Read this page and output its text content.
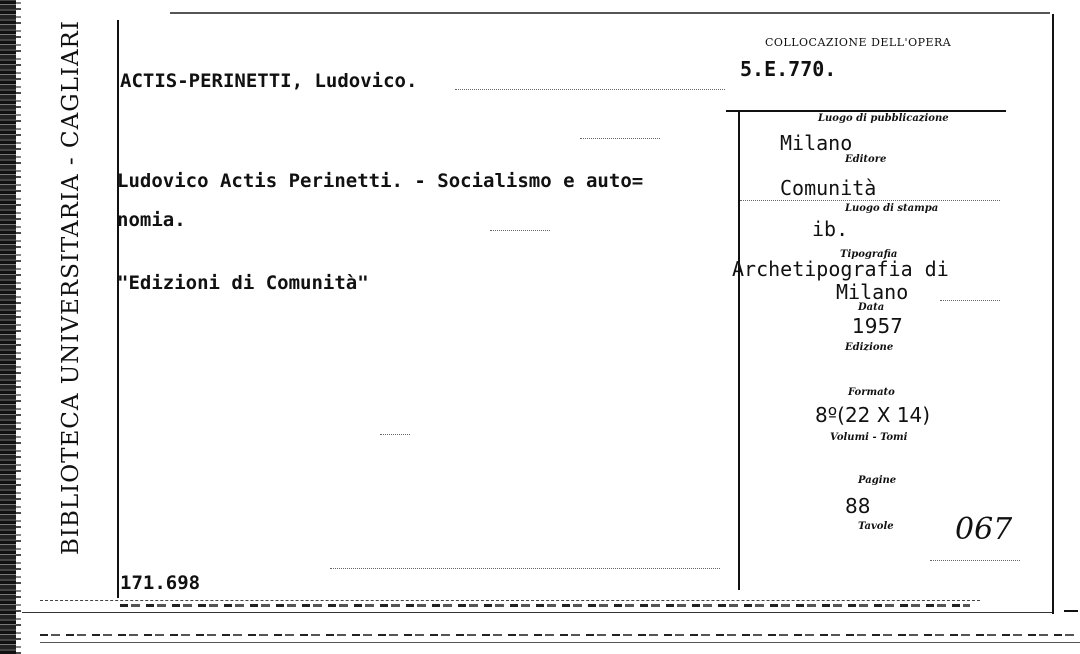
BIBLIOTECA UNIVERSITARIA - CAGLIARI	COLLOCAZIONE DELL'OPERA
5.E.770.
ACTIS-PERINETTI, Ludovico.
Ludovico Actis Perinetti. - Socialismo e auto=
nomia.
"Edizioni di Comunità"
171.698
Luogo di pubblicazione
Milano
Editore
Comunità
Luogo di stampa
ib.
Tipografia
Archetipografia di
Milano
Data
1957
Edizione
Formato
8º(22 X 14)
Volumi - Tomi
Pagine
88
Tavole 067
